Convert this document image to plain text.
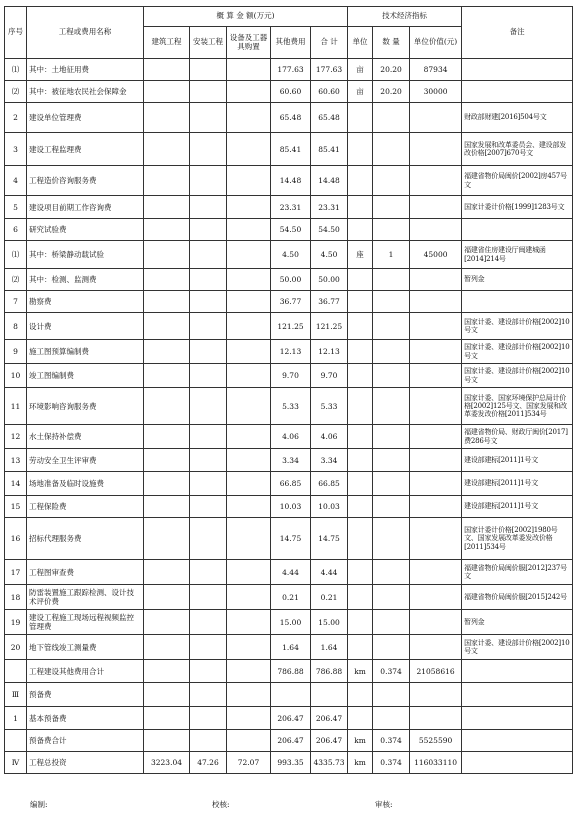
序号	工程或费用名称	概 算 金 额(万元)					技术经济指标			备注
		建筑工程	安装工程	设备及工器具购置	其他费用	合 计	单位	数 量	单位价值(元)	
⑴	其中：土地征用费				177.63	177.63	亩	20.20	87934	
⑵	其中：被征地农民社会保障金				60.60	60.60	亩	20.20	30000	
2	建设单位管理费				65.48	65.48				财政部财建[2016]504号文
3	建设工程监理费				85.41	85.41				国家发展和改革委员会、建设部发改价格[2007]670号文
4	工程造价咨询服务费				14.48	14.48				福建省物价局闽价[2002]房457号文
5	建设项目前期工作咨询费				23.31	23.31				国家计委计价格[1999]1283号文
6	研究试验费				54.50	54.50				
⑴	其中：桥梁静动载试验				4.50	4.50	座	1	45000	福建省住房建设厅闽建城函[2014]214号
⑵	其中：检测、监测费				50.00	50.00				暂列金
7	勘察费				36.77	36.77				
8	设计费				121.25	121.25				国家计委、建设部计价格[2002]10号文
9	施工图预算编制费				12.13	12.13				国家计委、建设部计价格[2002]10号文
10	竣工图编制费				9.70	9.70				国家计委、建设部计价格[2002]10号文
11	环境影响咨询服务费				5.33	5.33				国家计委、国家环境保护总局计价格[2002]125号文、国家发展和改革委发改价格[2011]534号
12	水土保持补偿费				4.06	4.06				福建省物价局、财政厅闽价[2017]费286号文
13	劳动安全卫生评审费				3.34	3.34				建设部建标[2011]1号文
14	场地准备及临时设施费				66.85	66.85				建设部建标[2011]1号文
15	工程保险费				10.03	10.03				建设部建标[2011]1号文
16	招标代理服务费				14.75	14.75				国家计委计价格[2002]1980号文、国家发展改革委发改价格[2011]534号
17	工程图审查费				4.44	4.44				福建省物价局闽价服[2012]237号文
18	防雷装置施工跟踪检测、设计技术评价费				0.21	0.21				福建省物价局闽价服[2015]242号
19	建设工程施工现场远程视频监控管理费				15.00	15.00				暂列金
20	地下管线竣工测量费				1.64	1.64				国家计委、建设部计价格[2002]10号文
	工程建设其他费用合计				786.88	786.88	km	0.374	21058616	
Ⅲ	预备费									
1	基本预备费				206.47	206.47				
	预备费合计				206.47	206.47	km	0.374	5525590	
Ⅳ	工程总投资	3223.04	47.26	72.07	993.35	4335.73	km	0.374	116033110	
编制:	校核:	审核:
